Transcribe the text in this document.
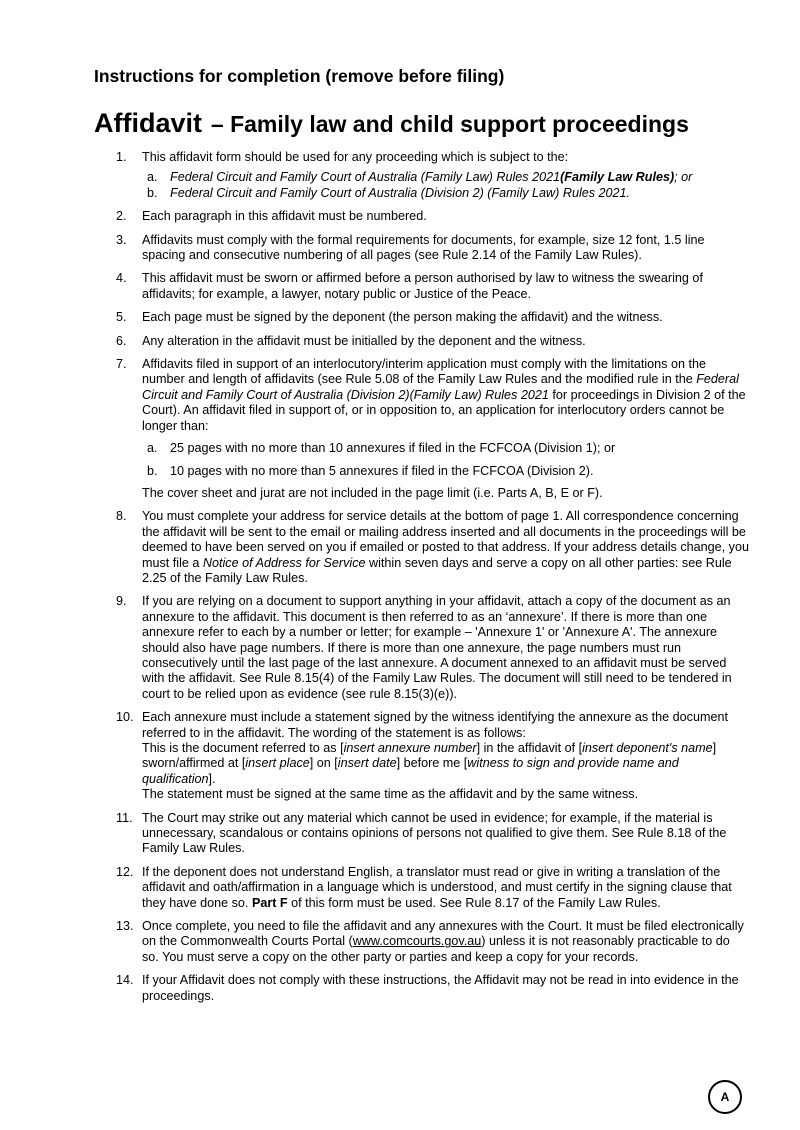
Instructions for completion (remove before filing)
Affidavit – Family law and child support proceedings
1. This affidavit form should be used for any proceeding which is subject to the:

a. Federal Circuit and Family Court of Australia (Family Law) Rules 2021(Family Law Rules); or
b. Federal Circuit and Family Court of Australia (Division 2) (Family Law) Rules 2021.
2. Each paragraph in this affidavit must be numbered.

3. Affidavits must comply with the formal requirements for documents, for example, size 12 font, 1.5 line spacing and consecutive numbering of all pages (see Rule 2.14 of the Family Law Rules).

4. This affidavit must be sworn or affirmed before a person authorised by law to witness the swearing of affidavits; for example, a lawyer, notary public or Justice of the Peace.

5. Each page must be signed by the deponent (the person making the affidavit) and the witness.

6. Any alteration in the affidavit must be initialled by the deponent and the witness.

7. Affidavits filed in support of an interlocutory/interim application must comply with the limitations on the number and length of affidavits (see Rule 5.08 of the Family Law Rules and the modified rule in the Federal Circuit and Family Court of Australia (Division 2)(Family Law) Rules 2021 for proceedings in Division 2 of the Court). An affidavit filed in support of, or in opposition to, an application for interlocutory orders cannot be longer than:

a. 25 pages with no more than 10 annexures if filed in the FCFCOA (Division 1); or
b. 10 pages with no more than 5 annexures if filed in the FCFCOA (Division 2).

The cover sheet and jurat are not included in the page limit (i.e. Parts A, B, E or F).

8. You must complete your address for service details at the bottom of page 1. All correspondence concerning the affidavit will be sent to the email or mailing address inserted and all documents in the proceedings will be deemed to have been served on you if emailed or posted to that address. If your address details change, you must file a Notice of Address for Service within seven days and serve a copy on all other parties: see Rule 2.25 of the Family Law Rules.

9. If you are relying on a document to support anything in your affidavit, attach a copy of the document as an annexure to the affidavit. This document is then referred to as an ‘annexure’. If there is more than one annexure refer to each by a number or letter; for example – 'Annexure 1' or 'Annexure A'. The annexure should also have page numbers. If there is more than one annexure, the page numbers must run consecutively until the last page of the last annexure. A document annexed to an affidavit must be served with the affidavit. See Rule 8.15(4) of the Family Law Rules. The document will still need to be tendered in court to be relied upon as evidence (see rule 8.15(3)(e)).

10. Each annexure must include a statement signed by the witness identifying the annexure as the document referred to in the affidavit. The wording of the statement is as follows:

This is the document referred to as [insert annexure number] in the affidavit of [insert deponent's name] sworn/affirmed at [insert place] on [insert date] before me [witness to sign and provide name and qualification].

The statement must be signed at the same time as the affidavit and by the same witness.

11. The Court may strike out any material which cannot be used in evidence; for example, if the material is unnecessary, scandalous or contains opinions of persons not qualified to give them. See Rule 8.18 of the Family Law Rules.

12. If the deponent does not understand English, a translator must read or give in writing a translation of the affidavit and oath/affirmation in a language which is understood, and must certify in the signing clause that they have done so. Part F of this form must be used. See Rule 8.17 of the Family Law Rules.

13. Once complete, you need to file the affidavit and any annexures with the Court. It must be filed electronically on the Commonwealth Courts Portal (www.comcourts.gov.au) unless it is not reasonably practicable to do so. You must serve a copy on the other party or parties and keep a copy for your records.

14. If your Affidavit does not comply with these instructions, the Affidavit may not be read in into evidence in the proceedings.

A
